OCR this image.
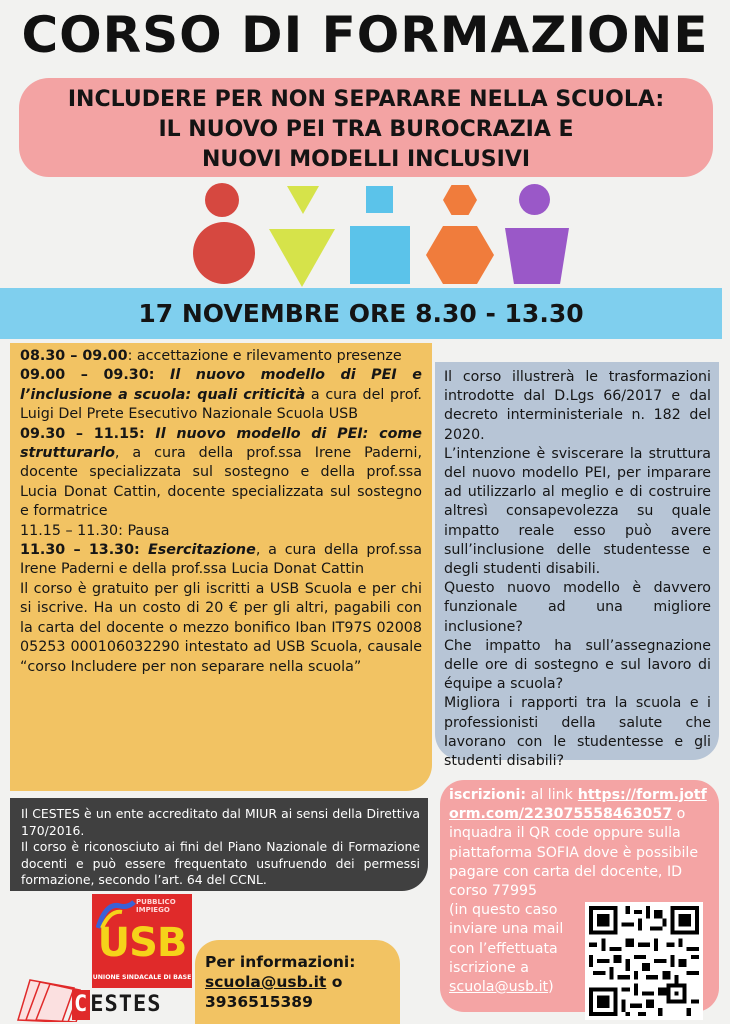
CORSO DI FORMAZIONE
INCLUDERE PER NON SEPARARE NELLA SCUOLA:
IL NUOVO PEI TRA BUROCRAZIA E
NUOVI MODELLI INCLUSIVI
17 NOVEMBRE ORE 8.30 - 13.30

08.30 – 09.00: accettazione e rilevamento presenze

09.00 – 09.30: Il nuovo modello di PEI e l’inclusione a scuola: quali criticità a cura del prof. Luigi Del Prete Esecutivo Nazionale Scuola USB

09.30 – 11.15: Il nuovo modello di PEI: come strutturarlo, a cura della prof.ssa Irene Paderni, docente specializzata sul sostegno e della prof.ssa Lucia Donat Cattin, docente specializzata sul sostegno e formatrice

11.15 – 11.30: Pausa

11.30 – 13.30: Esercitazione, a cura della prof.ssa Irene Paderni e della prof.ssa Lucia Donat Cattin

Il corso è gratuito per gli iscritti a USB Scuola e per chi si iscrive. Ha un costo di 20 € per gli altri, pagabili con la carta del docente o mezzo bonifico Iban IT97S 02008 05253 000106032290 intestato ad USB Scuola, causale “corso Includere per non separare nella scuola”

Il corso illustrerà le trasformazioni introdotte dal D.Lgs 66/2017 e dal decreto interministeriale n. 182 del 2020.

L’intenzione è sviscerare la struttura del nuovo modello PEI, per imparare ad utilizzarlo al meglio e di costruire altresì consapevolezza su quale impatto reale esso può avere sull’inclusione delle studentesse e degli studenti disabili.

Questo nuovo modello è davvero funzionale ad una migliore inclusione?

Che impatto ha sull’assegnazione delle ore di sostegno e sul lavoro di équipe a scuola?

Migliora i rapporti tra la scuola e i professionisti della salute che lavorano con le studentesse e gli studenti disabili?

Il CESTES è un ente accreditato dal MIUR ai sensi della Direttiva 170/2016.

Il corso è riconosciuto ai fini del Piano Nazionale di Formazione docenti e può essere frequentato usufruendo dei permessi formazione, secondo l’art. 64 del CCNL.

iscrizioni: al link https://form.jotform.com/223075558463057 o inquadra il QR code oppure sulla piattaforma SOFIA dove è possibile pagare con carta del docente, ID corso 77995
(in questo caso inviare una mail con l’effettuata iscrizione a scuola@usb.it)
Per informazioni:
scuola@usb.it o
3936515389
PUBBLICO IMPIEGO
USB
UNIONE SINDACALE DI BASE
CESTES
